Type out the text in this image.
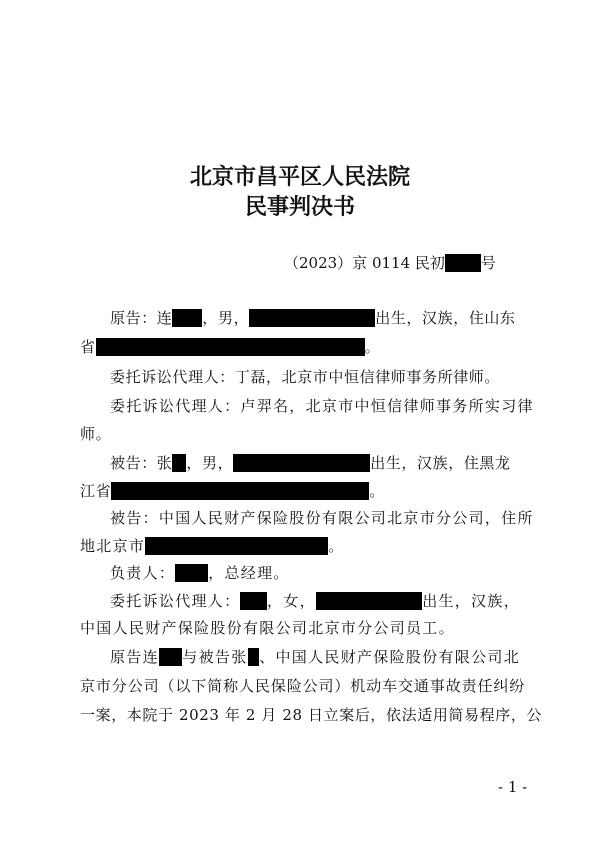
北京市昌平区人民法院
民事判决书
（2023）京 0114 民初 号
原告：连 ，男，	出生，汉族，住山东
省	。
委托诉讼代理人：丁磊，北京市中恒信律师事务所律师。
委托诉讼代理人：卢羿名，北京市中恒信律师事务所实习律
师。
被告：张 ，男，	出生，汉族，住黑龙
江省	。
被告：中国人民财产保险股份有限公司北京市分公司，住所
地北京市	。
负责人： ，总经理。
委托诉讼代理人： ，女，	出生，汉族，
中国人民财产保险股份有限公司北京市分公司员工。
原告连 与被告张 、中国人民财产保险股份有限公司北
京市分公司（以下简称人民保险公司）机动车交通事故责任纠纷
一案，本院于 2023 年 2 月 28 日立案后，依法适用简易程序，公
- 1 -
